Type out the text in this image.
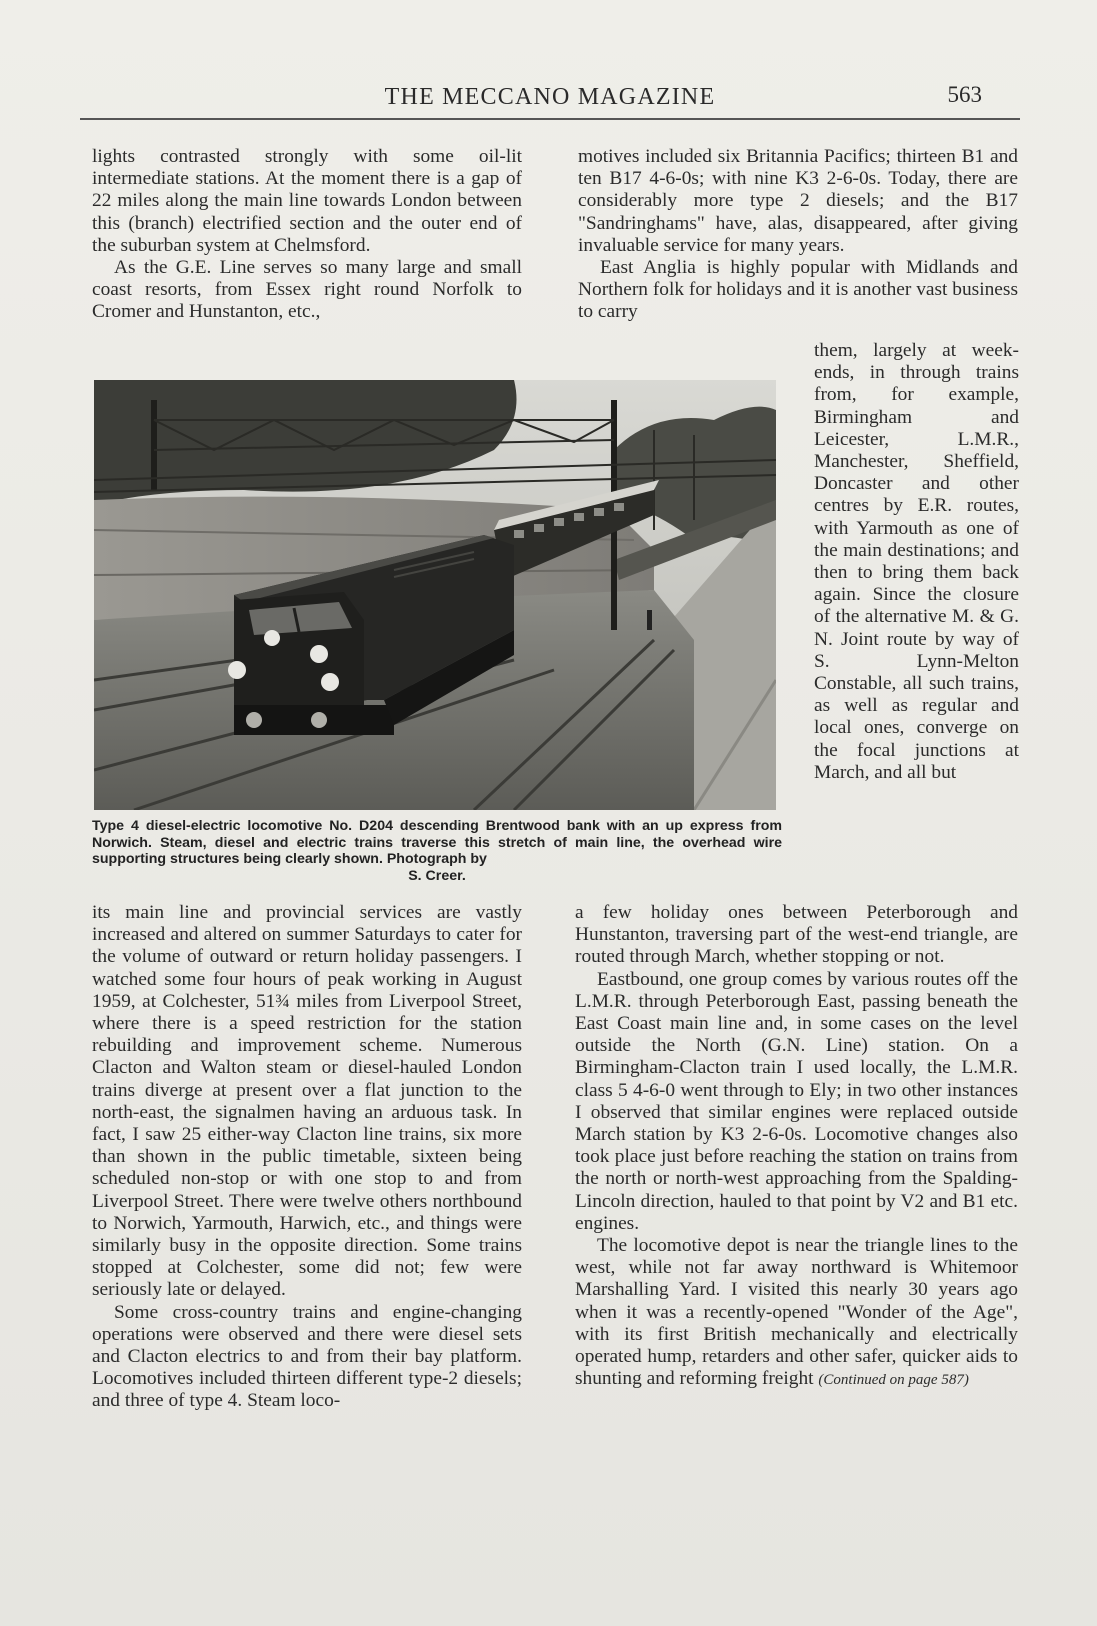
THE MECCANO MAGAZINE	563

lights contrasted strongly with some oil-lit intermediate stations. At the moment there is a gap of 22 miles along the main line towards London between this (branch) electrified section and the outer end of the suburban system at Chelmsford.

As the G.E. Line serves so many large and small coast resorts, from Essex right round Norfolk to Cromer and Hunstanton, etc.,

motives included six Britannia Pacifics; thirteen B1 and ten B17 4-6-0s; with nine K3 2-6-0s. Today, there are considerably more type 2 diesels; and the B17 "Sandringhams" have, alas, disappeared, after giving invaluable service for many years.

East Anglia is highly popular with Midlands and Northern folk for holidays and it is another vast business to carry

Type 4 diesel-electric locomotive No. D204 descending Brentwood bank with an up express from Norwich. Steam, diesel and electric trains traverse this stretch of main line, the overhead wire supporting structures being clearly shown. Photograph by
S. Creer.

them, largely at week-ends, in through trains from, for example, Birmingham and Leicester, L.M.R., Manchester, Sheffield, Doncaster and other centres by E.R. routes, with Yarmouth as one of the main destinations; and then to bring them back again. Since the closure of the alternative M. & G. N. Joint route by way of S. Lynn-Melton Constable, all such trains, as well as regular and local ones, converge on the focal junctions at March, and all but

its main line and provincial services are vastly increased and altered on summer Saturdays to cater for the volume of outward or return holiday passengers. I watched some four hours of peak working in August 1959, at Colchester, 51¾ miles from Liverpool Street, where there is a speed restriction for the station rebuilding and improvement scheme. Numerous Clacton and Walton steam or diesel-hauled London trains diverge at present over a flat junction to the north-east, the signalmen having an arduous task. In fact, I saw 25 either-way Clacton line trains, six more than shown in the public timetable, sixteen being scheduled non-stop or with one stop to and from Liverpool Street. There were twelve others northbound to Norwich, Yarmouth, Harwich, etc., and things were similarly busy in the opposite direction. Some trains stopped at Colchester, some did not; few were seriously late or delayed.

Some cross-country trains and engine-changing operations were observed and there were diesel sets and Clacton electrics to and from their bay platform. Locomotives included thirteen different type-2 diesels; and three of type 4. Steam loco-

a few holiday ones between Peterborough and Hunstanton, traversing part of the west-end triangle, are routed through March, whether stopping or not.

Eastbound, one group comes by various routes off the L.M.R. through Peterborough East, passing beneath the East Coast main line and, in some cases on the level outside the North (G.N. Line) station. On a Birmingham-Clacton train I used locally, the L.M.R. class 5 4-6-0 went through to Ely; in two other instances I observed that similar engines were replaced outside March station by K3 2-6-0s. Locomotive changes also took place just before reaching the station on trains from the north or north-west approaching from the Spalding-Lincoln direction, hauled to that point by V2 and B1 etc. engines.

The locomotive depot is near the triangle lines to the west, while not far away northward is Whitemoor Marshalling Yard. I visited this nearly 30 years ago when it was a recently-opened "Wonder of the Age", with its first British mechanically and electrically operated hump, retarders and other safer, quicker aids to shunting and reforming freight (Continued on page 587)
